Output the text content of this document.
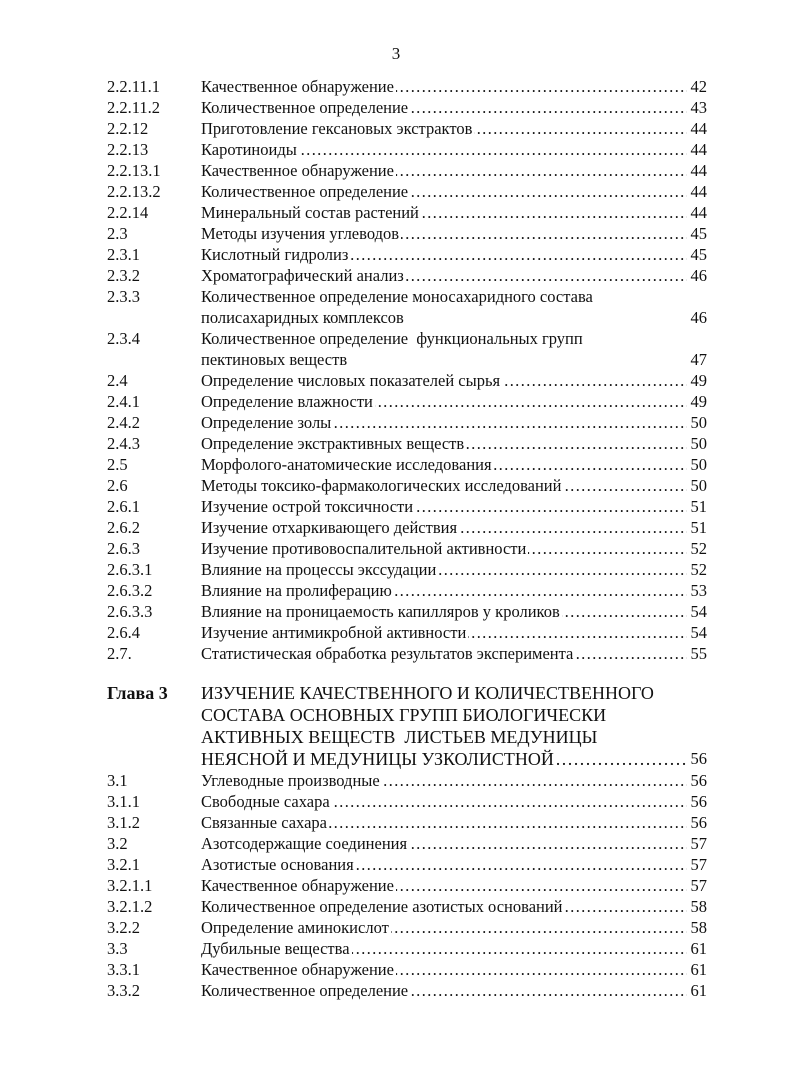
3
2.2.11.1	Качественное обнаружение ……………………………………………………………………………………………………………………………………	42
2.2.11.2	Количественное определение ……………………………………………………………………………………………………………………………………	43
2.2.12	Приготовление гексановых экстрактов ……………………………………………………………………………………………………………………………………	44
2.2.13	Каротиноиды ……………………………………………………………………………………………………………………………………	44
2.2.13.1	Качественное обнаружение ……………………………………………………………………………………………………………………………………	44
2.2.13.2	Количественное определение ……………………………………………………………………………………………………………………………………	44
2.2.14	Минеральный состав растений ……………………………………………………………………………………………………………………………………	44
2.3	Методы изучения углеводов ……………………………………………………………………………………………………………………………………	45
2.3.1	Кислотный гидролиз ……………………………………………………………………………………………………………………………………	45
2.3.2	Хроматографический анализ ……………………………………………………………………………………………………………………………………	46
2.3.3	Количественное определение моносахаридного состава
полисахаридных комплексов	46
2.3.4	Количественное определение  функциональных групп
пектиновых веществ	47
2.4	Определение числовых показателей сырья ……………………………………………………………………………………………………………………………………	49
2.4.1	Определение влажности ……………………………………………………………………………………………………………………………………	49
2.4.2	Определение золы ……………………………………………………………………………………………………………………………………	50
2.4.3	Определение экстрактивных веществ ……………………………………………………………………………………………………………………………………	50
2.5	Морфолого-анатомические исследования ……………………………………………………………………………………………………………………………………	50
2.6	Методы токсико-фармакологических исследований ……………………………………………………………………………………………………………………………………	50
2.6.1	Изучение острой токсичности ……………………………………………………………………………………………………………………………………	51
2.6.2	Изучение отхаркивающего действия ……………………………………………………………………………………………………………………………………	51
2.6.3	Изучение противовоспалительной активности ……………………………………………………………………………………………………………………………………	52
2.6.3.1	Влияние на процессы экссудации ……………………………………………………………………………………………………………………………………	52
2.6.3.2	Влияние на пролиферацию ……………………………………………………………………………………………………………………………………	53
2.6.3.3	Влияние на проницаемость капилляров у кроликов ……………………………………………………………………………………………………………………………………	54
2.6.4	Изучение антимикробной активности ……………………………………………………………………………………………………………………………………	54
2.7.	Статистическая обработка результатов эксперимента ……………………………………………………………………………………………………………………………………	55
Глава 3	ИЗУЧЕНИЕ КАЧЕСТВЕННОГО И КОЛИЧЕСТВЕННОГО
СОСТАВА ОСНОВНЫХ ГРУПП БИОЛОГИЧЕСКИ
АКТИВНЫХ ВЕЩЕСТВ  ЛИСТЬЕВ МЕДУНИЦЫ
НЕЯСНОЙ И МЕДУНИЦЫ УЗКОЛИСТНОЙ ……………………………………………………………………………………………………………………………………	56
3.1	Углеводные производные ……………………………………………………………………………………………………………………………………	56
3.1.1	Свободные сахара ……………………………………………………………………………………………………………………………………	56
3.1.2	Связанные сахара ……………………………………………………………………………………………………………………………………	56
3.2	Азотсодержащие соединения ……………………………………………………………………………………………………………………………………	57
3.2.1	Азотистые основания ……………………………………………………………………………………………………………………………………	57
3.2.1.1	Качественное обнаружение ……………………………………………………………………………………………………………………………………	57
3.2.1.2	Количественное определение азотистых оснований ……………………………………………………………………………………………………………………………………	58
3.2.2	Определение аминокислот ……………………………………………………………………………………………………………………………………	58
3.3	Дубильные вещества ……………………………………………………………………………………………………………………………………	61
3.3.1	Качественное обнаружение ……………………………………………………………………………………………………………………………………	61
3.3.2	Количественное определение ……………………………………………………………………………………………………………………………………	61
